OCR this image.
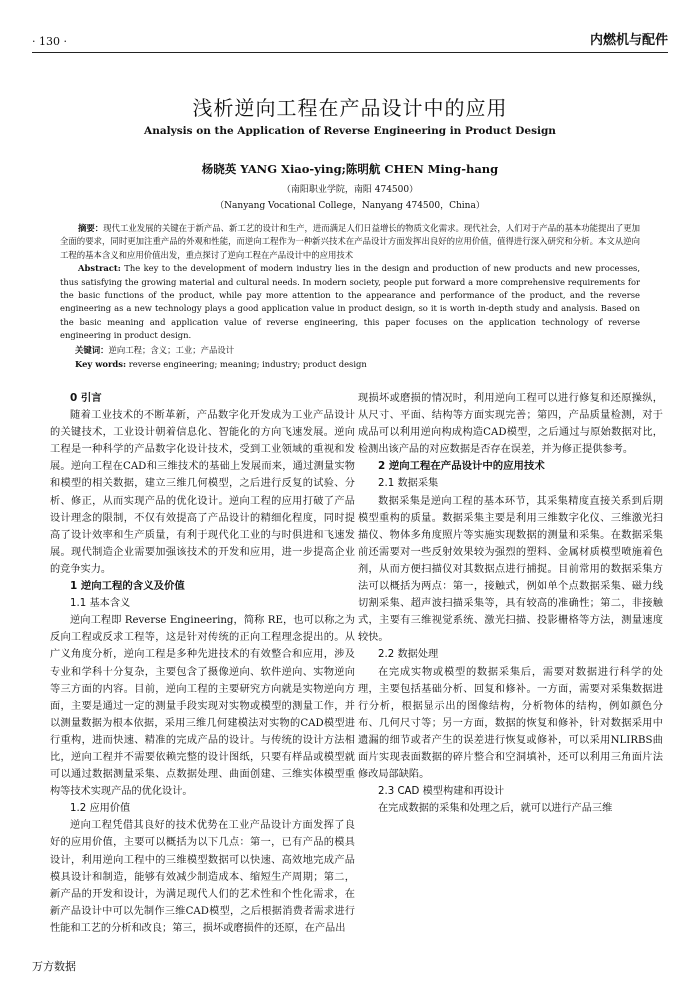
· 130 ·	内燃机与配件
浅析逆向工程在产品设计中的应用
Analysis on the Application of Reverse Engineering in Product Design
杨晓英 YANG Xiao-ying;陈明航 CHEN Ming-hang
（南阳职业学院，南阳 474500）
（Nanyang Vocational College，Nanyang 474500，China）

摘要：现代工业发展的关键在于新产品、新工艺的设计和生产，进而满足人们日益增长的物质文化需求。现代社会，人们对于产品的基本功能提出了更加全面的要求，同时更加注重产品的外观和性能，而逆向工程作为一种新兴技术在产品设计方面发挥出良好的应用价值，值得进行深入研究和分析。本文从逆向工程的基本含义和应用价值出发，重点探讨了逆向工程在产品设计中的应用技术

Abstract: The key to the development of modern industry lies in the design and production of new products and new processes, thus satisfying the growing material and cultural needs. In modern society, people put forward a more comprehensive requirements for the basic functions of the product, while pay more attention to the appearance and performance of the product, and the reverse engineering as a new technology plays a good application value in product design, so it is worth in-depth study and analysis. Based on the basic meaning and application value of reverse engineering, this paper focuses on the application technology of reverse engineering in product design.

关键词：逆向工程；含义；工业；产品设计
Key words: reverse engineering; meaning; industry; product design
0 引言

随着工业技术的不断革新，产品数字化开发成为工业产品设计的关键技术，工业设计朝着信息化、智能化的方向飞速发展。逆向工程是一种科学的产品数字化设计技术，受到工业领域的重视和发展。逆向工程在CAD和三维技术的基础上发展而来，通过测量实物和模型的相关数据，建立三维几何模型，之后进行反复的试验、分析、修正，从而实现产品的优化设计。逆向工程的应用打破了产品设计理念的限制，不仅有效提高了产品设计的精细化程度，同时提高了设计效率和生产质量，有利于现代化工业的与时俱进和飞速发展。现代制造企业需要加强该技术的开发和应用，进一步提高企业的竞争实力。

1 逆向工程的含义及价值
1.1 基本含义

逆向工程即 Reverse Engineering，简称 RE，也可以称之为反向工程或反求工程等，这是针对传统的正向工程理念提出的。从广义角度分析，逆向工程是多种先进技术的有效整合和应用，涉及专业和学科十分复杂，主要包含了摄像逆向、软件逆向、实物逆向等三方面的内容。目前，逆向工程的主要研究方向就是实物逆向方面，主要是通过一定的测量手段实现对实物或模型的测量工作，并以测量数据为根本依据，采用三维几何建模法对实物的CAD模型进行重构，进而快速、精准的完成产品的设计。与传统的设计方法相比，逆向工程并不需要依赖完整的设计图纸，只要有样品或模型就可以通过数据测量采集、点数据处理、曲面创建、三维实体模型重构等技术实现产品的优化设计。

1.2 应用价值

逆向工程凭借其良好的技术优势在工业产品设计方面发挥了良好的应用价值，主要可以概括为以下几点：第一，已有产品的模具设计，利用逆向工程中的三维模型数据可以快速、高效地完成产品模具设计和制造，能够有效减少制造成本、缩短生产周期；第二，新产品的开发和设计，为满足现代人们的艺术性和个性化需求，在新产品设计中可以先制作三维CAD模型，之后根据消费者需求进行性能和工艺的分析和改良；第三，损坏或磨损件的还原，在产品出

现损坏或磨损的情况时，利用逆向工程可以进行修复和还原操纵，从尺寸、平面、结构等方面实现完善；第四，产品质量检测，对于成品可以利用逆向构成构造CAD模型，之后通过与原始数据对比，检测出该产品的对应数据是否存在误差，并为修正提供参考。

2 逆向工程在产品设计中的应用技术
2.1 数据采集

数据采集是逆向工程的基本环节，其采集精度直接关系到后期模型重构的质量。数据采集主要是利用三维数字化仪、三维激光扫描仪、物体多角度照片等实施实现数据的测量和采集。在数据采集前还需要对一些反射效果较为强烈的塑料、金属材质模型喷施着色剂，从而方便扫描仪对其数据点进行捕捉。目前常用的数据采集方法可以概括为两点：第一，接触式，例如单个点数据采集、磁力线切割采集、超声波扫描采集等，具有较高的准确性；第二，非接触式，主要有三维视觉系统、激光扫描、投影栅格等方法，测量速度较快。

2.2 数据处理

在完成实物或模型的数据采集后，需要对数据进行科学的处理，主要包括基础分析、回复和修补。一方面，需要对采集数据进行分析，根据显示出的图像结构，分析物体的结构，例如颜色分布、几何尺寸等；另一方面，数据的恢复和修补，针对数据采用中遗漏的细节或者产生的误差进行恢复或修补，可以采用NLIRBS曲面片实现表面数据的碎片整合和空洞填补，还可以利用三角面片法修改局部缺陷。

2.3 CAD 模型构建和再设计

在完成数据的采集和处理之后，就可以进行产品三维

万方数据
